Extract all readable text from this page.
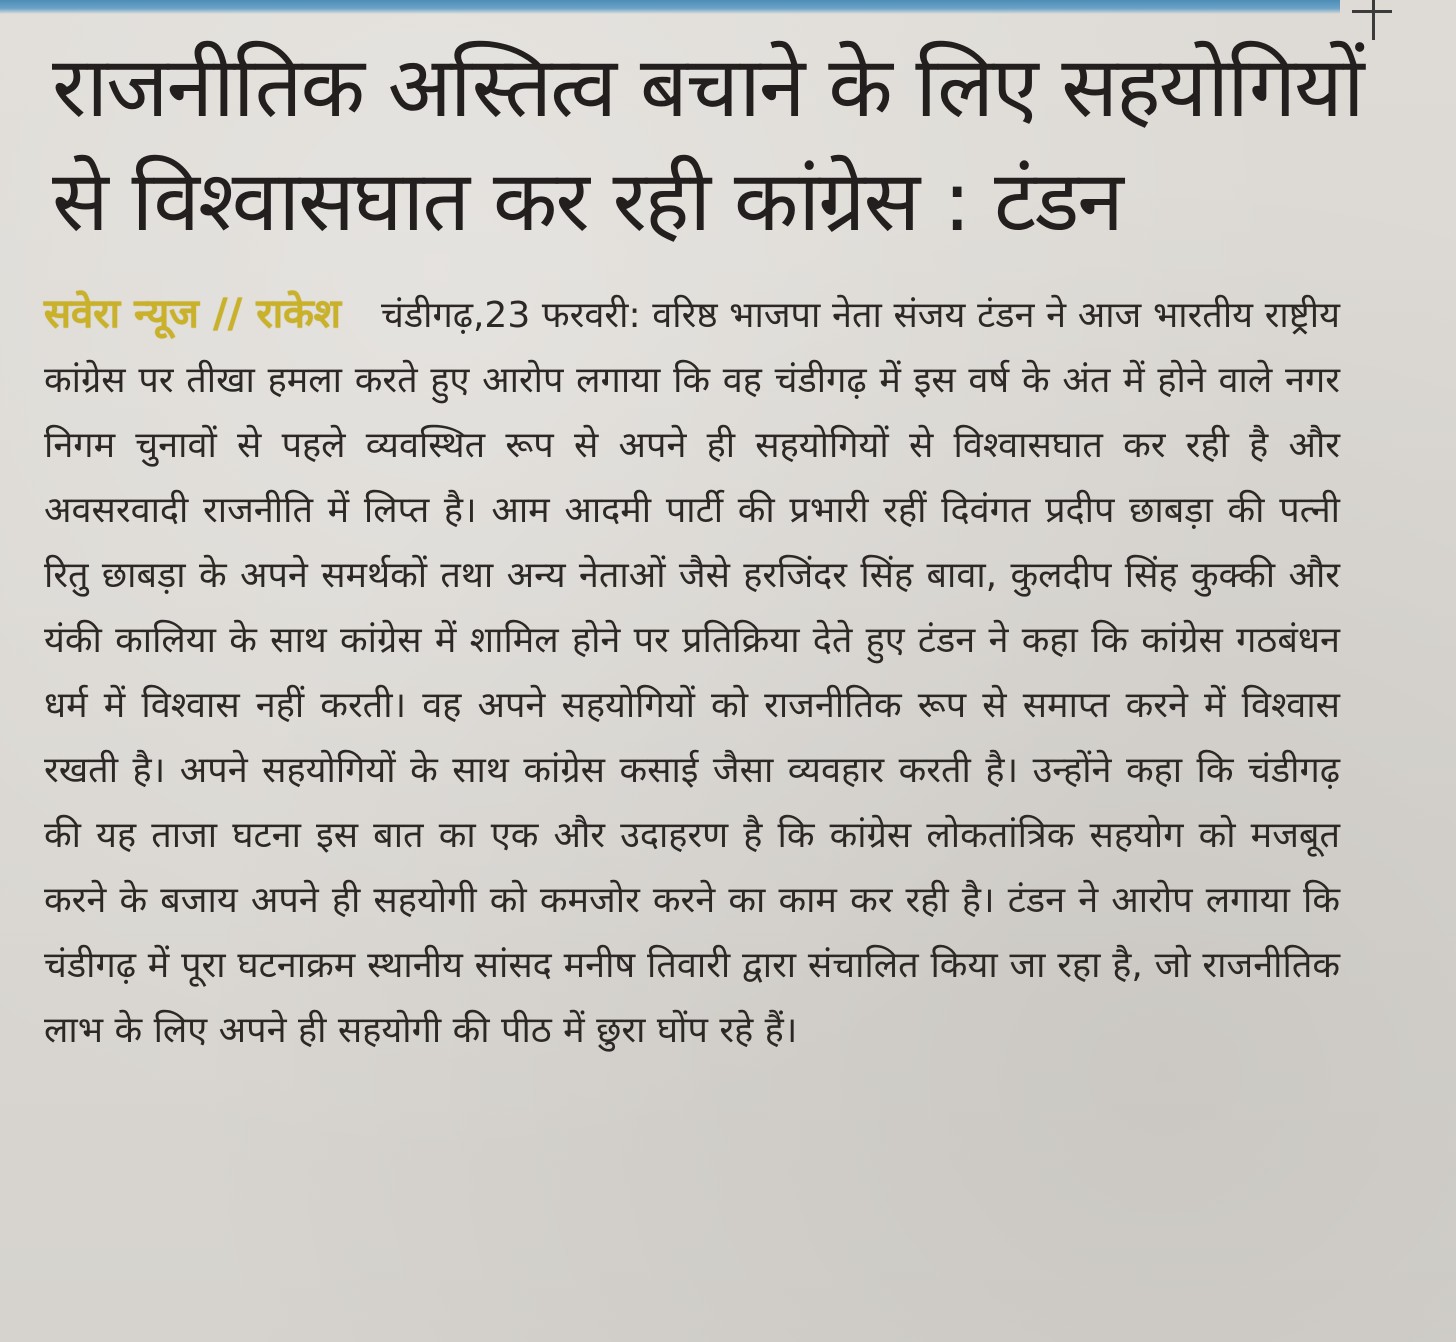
राजनीतिक अस्तित्व बचाने के लिए सहयोगियों
से विश्वासघात कर रही कांग्रेस : टंडन

सवेरा न्यूज // राकेश चंडीगढ़,23 फरवरी: वरिष्ठ भाजपा नेता संजय टंडन ने आज भारतीय राष्ट्रीय कांग्रेस पर तीखा हमला करते हुए आरोप लगाया कि वह चंडीगढ़ में इस वर्ष के अंत में होने वाले नगर निगम चुनावों से पहले व्यवस्थित रूप से अपने ही सहयोगियों से विश्वासघात कर रही है और अवसरवादी राजनीति में लिप्त है। आम आदमी पार्टी की प्रभारी रहीं दिवंगत प्रदीप छाबड़ा की पत्नी रितु छाबड़ा के अपने समर्थकों तथा अन्य नेताओं जैसे हरजिंदर सिंह बावा, कुलदीप सिंह कुक्की और यंकी कालिया के साथ कांग्रेस में शामिल होने पर प्रतिक्रिया देते हुए टंडन ने कहा कि कांग्रेस गठबंधन धर्म में विश्वास नहीं करती। वह अपने सहयोगियों को राजनीतिक रूप से समाप्त करने में विश्वास रखती है। अपने सहयोगियों के साथ कांग्रेस कसाई जैसा व्यवहार करती है। उन्होंने कहा कि चंडीगढ़ की यह ताजा घटना इस बात का एक और उदाहरण है कि कांग्रेस लोकतांत्रिक सहयोग को मजबूत करने के बजाय अपने ही सहयोगी को कमजोर करने का काम कर रही है। टंडन ने आरोप लगाया कि चंडीगढ़ में पूरा घटनाक्रम स्थानीय सांसद मनीष तिवारी द्वारा संचालित किया जा रहा है, जो राजनीतिक लाभ के लिए अपने ही सहयोगी की पीठ में छुरा घोंप रहे हैं।
